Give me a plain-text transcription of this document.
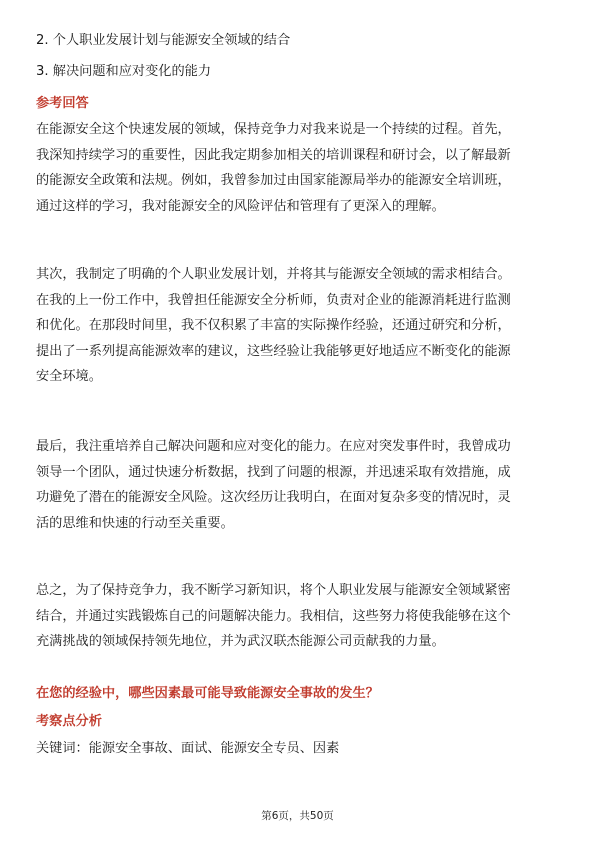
2. 个人职业发展计划与能源安全领域的结合
3. 解决问题和应对变化的能力
参考回答
在能源安全这个快速发展的领域，保持竞争力对我来说是一个持续的过程。首先，
我深知持续学习的重要性，因此我定期参加相关的培训课程和研讨会，以了解最新
的能源安全政策和法规。例如，我曾参加过由国家能源局举办的能源安全培训班，
通过这样的学习，我对能源安全的风险评估和管理有了更深入的理解。
其次，我制定了明确的个人职业发展计划，并将其与能源安全领域的需求相结合。
在我的上一份工作中，我曾担任能源安全分析师，负责对企业的能源消耗进行监测
和优化。在那段时间里，我不仅积累了丰富的实际操作经验，还通过研究和分析，
提出了一系列提高能源效率的建议，这些经验让我能够更好地适应不断变化的能源
安全环境。
最后，我注重培养自己解决问题和应对变化的能力。在应对突发事件时，我曾成功
领导一个团队，通过快速分析数据，找到了问题的根源，并迅速采取有效措施，成
功避免了潜在的能源安全风险。这次经历让我明白，在面对复杂多变的情况时，灵
活的思维和快速的行动至关重要。
总之，为了保持竞争力，我不断学习新知识，将个人职业发展与能源安全领域紧密
结合，并通过实践锻炼自己的问题解决能力。我相信，这些努力将使我能够在这个
充满挑战的领域保持领先地位，并为武汉联杰能源公司贡献我的力量。
在您的经验中，哪些因素最可能导致能源安全事故的发生？
考察点分析
关键词：能源安全事故、面试、能源安全专员、因素
第6页，共50页
